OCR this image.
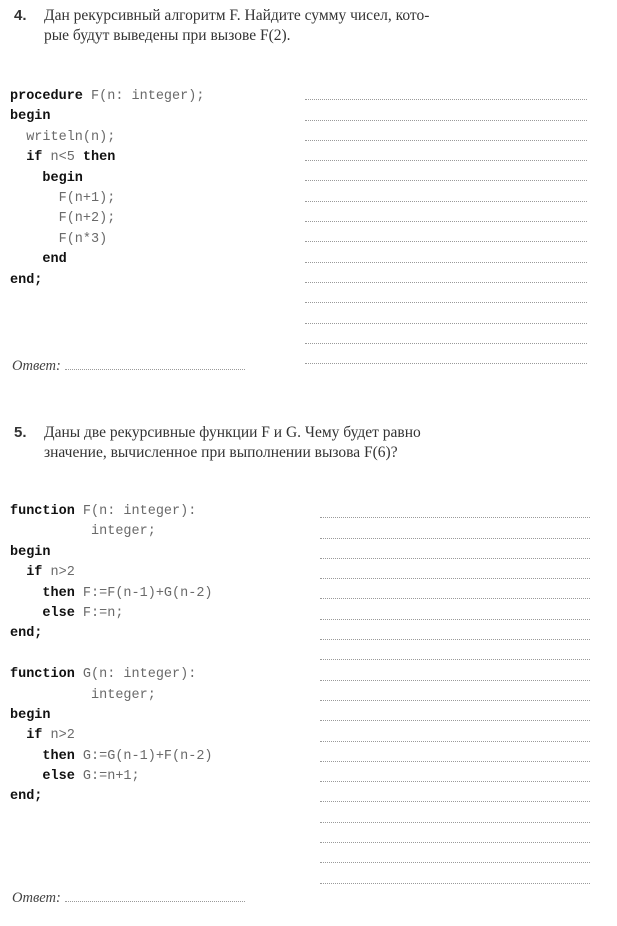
4. Дан рекурсивный алгоритм F. Найдите сумму чисел, кото-
рые будут выведены при вызове F(2).
procedure F(n: integer);
begin
writeln(n);
if n<5 then
begin
F(n+1);
F(n+2);
F(n*3)
end
end;
Ответ:
5. Даны две рекурсивные функции F и G. Чему будет равно
значение, вычисленное при выполнении вызова F(6)?
function F(n: integer):
integer;
begin
if n>2
then F:=F(n-1)+G(n-2)
else F:=n;
end;
function G(n: integer):
integer;
begin
if n>2
then G:=G(n-1)+F(n-2)
else G:=n+1;
end;
Ответ:
